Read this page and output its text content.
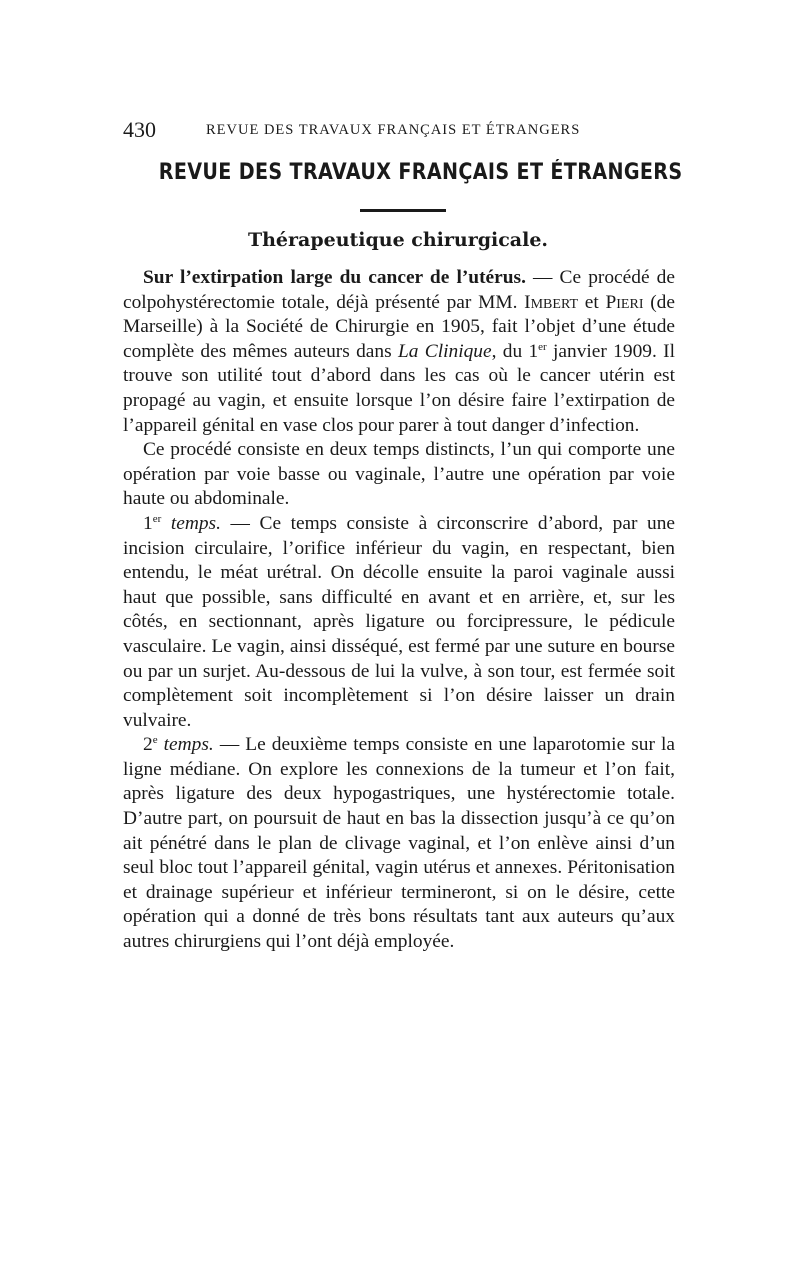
430	REVUE DES TRAVAUX FRANÇAIS ET ÉTRANGERS
REVUE DES TRAVAUX FRANÇAIS ET ÉTRANGERS
Thérapeutique chirurgicale.

Sur l’extirpation large du cancer de l’utérus. — Ce procédé de colpohystérectomie totale, déjà présenté par MM. Imbert et Pieri (de Marseille) à la Société de Chirurgie en 1905, fait l’objet d’une étude complète des mêmes auteurs dans La Clinique, du 1er janvier 1909. Il trouve son utilité tout d’abord dans les cas où le cancer utérin est propagé au vagin, et ensuite lorsque l’on désire faire l’extirpation de l’appareil génital en vase clos pour parer à tout danger d’infection.

Ce procédé consiste en deux temps distincts, l’un qui comporte une opération par voie basse ou vaginale, l’autre une opération par voie haute ou abdominale.

1er temps. — Ce temps consiste à circonscrire d’abord, par une incision circulaire, l’orifice inférieur du vagin, en respectant, bien entendu, le méat urétral. On décolle ensuite la paroi vaginale aussi haut que possible, sans difficulté en avant et en arrière, et, sur les côtés, en sectionnant, après ligature ou forcipressure, le pédicule vasculaire. Le vagin, ainsi disséqué, est fermé par une suture en bourse ou par un surjet. Au-dessous de lui la vulve, à son tour, est fermée soit complètement soit incomplètement si l’on désire laisser un drain vulvaire.

2e temps. — Le deuxième temps consiste en une laparotomie sur la ligne médiane. On explore les connexions de la tumeur et l’on fait, après ligature des deux hypogastriques, une hystérectomie totale. D’autre part, on poursuit de haut en bas la dissection jusqu’à ce qu’on ait pénétré dans le plan de clivage vaginal, et l’on enlève ainsi d’un seul bloc tout l’appareil génital, vagin utérus et annexes. Péritonisation et drainage supérieur et inférieur termineront, si on le désire, cette opération qui a donné de très bons résultats tant aux auteurs qu’aux autres chirurgiens qui l’ont déjà employée.
